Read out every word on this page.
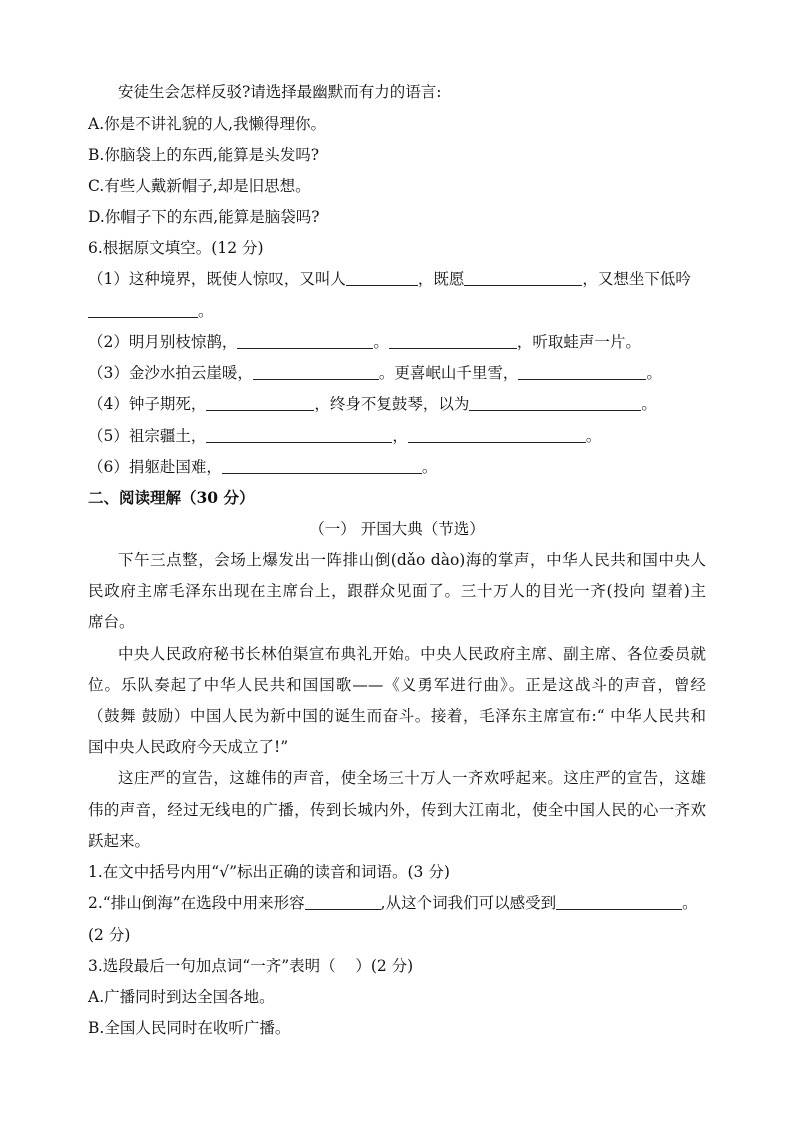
安徒生会怎样反驳?请选择最幽默而有力的语言:
A.你是不讲礼貌的人,我懒得理你。
B.你脑袋上的东西,能算是头发吗?
C.有些人戴新帽子,却是旧思想。
D.你帽子下的东西,能算是脑袋吗?
6.根据原文填空。(12 分)
（1）这种境界，既使人惊叹，又叫人	，既愿	，又想坐下低吟
。
（2）明月别枝惊鹊，	。	，听取蛙声一片。
（3）金沙水拍云崖暖，	。更喜岷山千里雪，	。
（4）钟子期死，	，终身不复鼓琴，以为	。
（5）祖宗疆土，	，	。
（6）捐躯赴国难，	。
二、阅读理解（30 分）
（一） 开国大典（节选）
下午三点整，会场上爆发出一阵排山倒(dǎo dào)海的掌声，中华人民共和国中央人
民政府主席毛泽东出现在主席台上，跟群众见面了。三十万人的目光一齐(投向 望着)主
席台。
中央人民政府秘书长林伯渠宣布典礼开始。中央人民政府主席、副主席、各位委员就
位。乐队奏起了中华人民共和国国歌——《义勇军进行曲》。正是这战斗的声音，曾经
（鼓舞 鼓励）中国人民为新中国的诞生而奋斗。接着，毛泽东主席宣布:“ 中华人民共和
国中央人民政府今天成立了!”
这庄严的宣告，这雄伟的声音，使全场三十万人一齐欢呼起来。这庄严的宣告，这雄
伟的声音，经过无线电的广播，传到长城内外，传到大江南北，使全中国人民的心一齐欢
跃起来。
1.在文中括号内用“√”标出正确的读音和词语。(3 分)
2.“排山倒海”在选段中用来形容	,从这个词我们可以感受到	。
(2 分)
3.选段最后一句加点词“一齐”表明（    ）(2 分)
A.广播同时到达全国各地。
B.全国人民同时在收听广播。
